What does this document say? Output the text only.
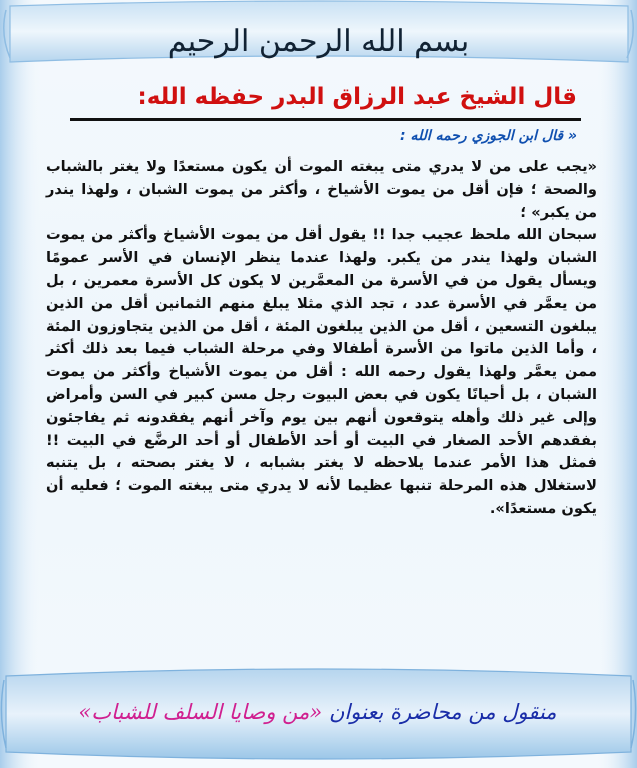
بسم الله الرحمن الرحيم
قال الشيخ عبد الرزاق البدر حفظه الله:
« قال ابن الجوزي رحمه الله :

«يجب على من لا يدري متى يبغته الموت أن يكون مستعدًا ولا يغتر بالشباب والصحة ؛ فإن أقل من يموت الأشياخ ، وأكثر من يموت الشبان ، ولهذا يندر من يكبر» ؛

سبحان الله ملحظ عجيب جدا !! يقول أقل من يموت الأشياخ وأكثر من يموت الشبان ولهذا يندر من يكبر. ولهذا عندما ينظر الإنسان في الأسر عمومًا ويسأل يقول من في الأسرة من المعمَّرين لا يكون كل الأسرة معمرين ، بل من يعمَّر في الأسرة عدد ، تجد الذي مثلا يبلغ منهم الثمانين أقل من الذين يبلغون التسعين ، أقل من الذين يبلغون المئة ، أقل من الذين يتجاوزون المئة ، وأما الذين ماتوا من الأسرة أطفالا وفي مرحلة الشباب فيما بعد ذلك أكثر ممن يعمَّر ولهذا يقول رحمه الله : أقل من يموت الأشياخ وأكثر من يموت الشبان ، بل أحيانًا يكون في بعض البيوت رجل مسن كبير في السن وأمراض وإلى غير ذلك وأهله يتوقعون أنهم بين يوم وآخر أنهم يفقدونه ثم يفاجئون بفقدهم الأحد الصغار في البيت أو أحد الأطفال أو أحد الرضَّع في البيت !! فمثل هذا الأمر عندما يلاحظه لا يغتر بشبابه ، لا يغتر بصحته ، بل يتنبه لاستغلال هذه المرحلة تنبها عظيما لأنه لا يدري متى يبغته الموت ؛ فعليه أن يكون مستعدًا».

منقول من محاضرة بعنوان «من وصايا السلف للشباب»
